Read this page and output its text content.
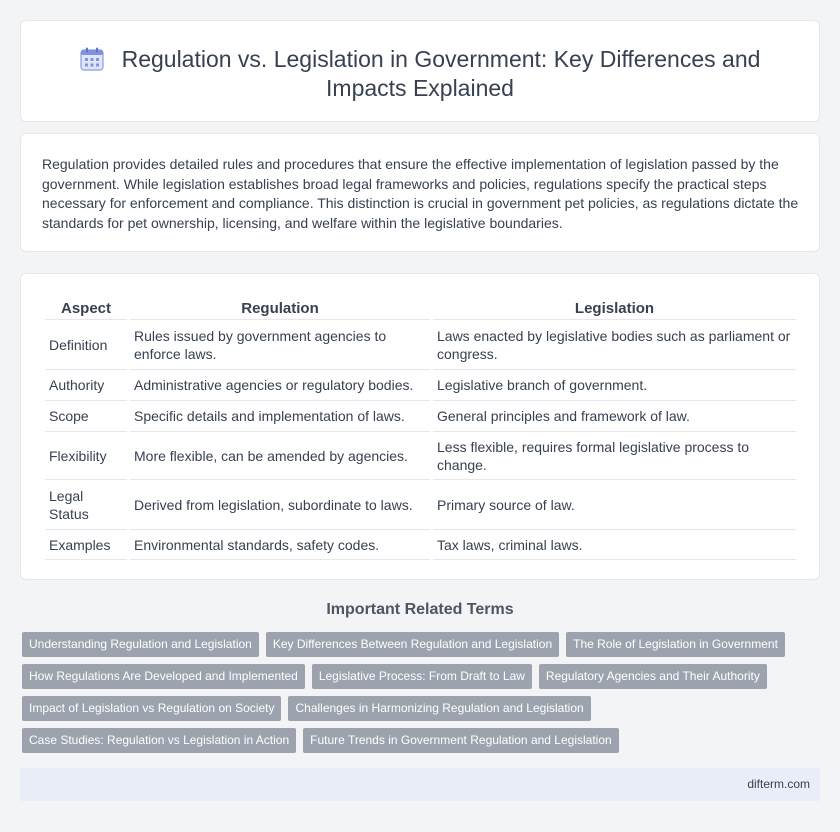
Regulation vs. Legislation in Government: Key Differences and Impacts Explained

Regulation provides detailed rules and procedures that ensure the effective implementation of legislation passed by the government. While legislation establishes broad legal frameworks and policies, regulations specify the practical steps necessary for enforcement and compliance. This distinction is crucial in government pet policies, as regulations dictate the standards for pet ownership, licensing, and welfare within the legislative boundaries.

Aspect	Regulation	Legislation
Definition	Rules issued by government agencies to enforce laws.	Laws enacted by legislative bodies such as parliament or congress.
Authority	Administrative agencies or regulatory bodies.	Legislative branch of government.
Scope	Specific details and implementation of laws.	General principles and framework of law.
Flexibility	More flexible, can be amended by agencies.	Less flexible, requires formal legislative process to change.
Legal Status	Derived from legislation, subordinate to laws.	Primary source of law.
Examples	Environmental standards, safety codes.	Tax laws, criminal laws.
Important Related Terms
Understanding Regulation and Legislation	Key Differences Between Regulation and Legislation	The Role of Legislation in Government
How Regulations Are Developed and Implemented	Legislative Process: From Draft to Law	Regulatory Agencies and Their Authority
Impact of Legislation vs Regulation on Society	Challenges in Harmonizing Regulation and Legislation
Case Studies: Regulation vs Legislation in Action	Future Trends in Government Regulation and Legislation
difterm.com
